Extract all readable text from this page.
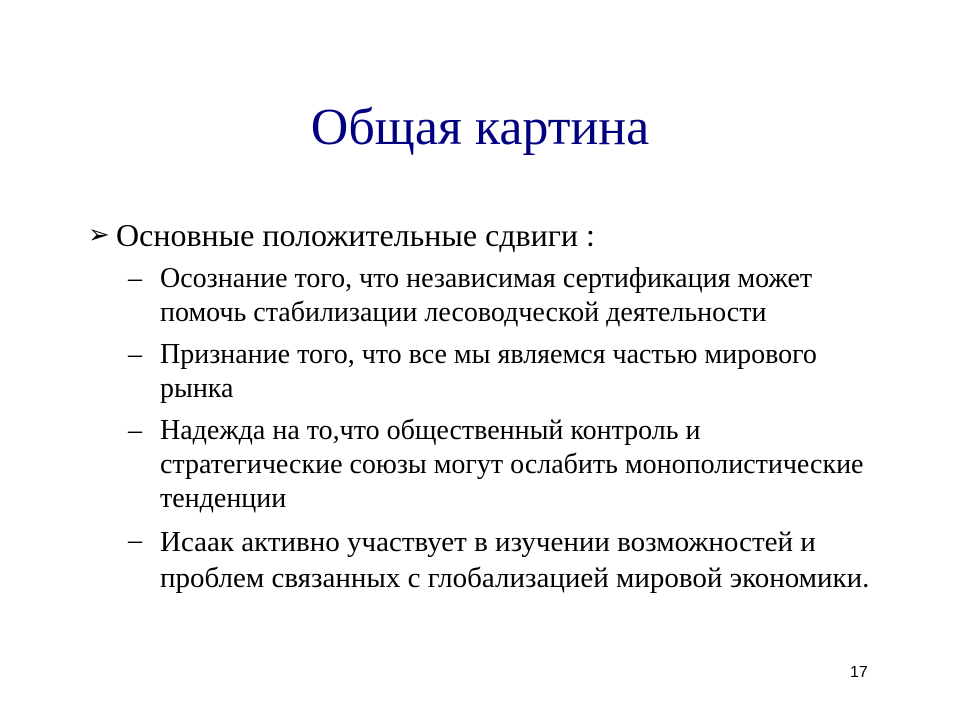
Общая картина
➢ Основные положительные сдвиги :
– Осознание того, что независимая сертификация может помочь стабилизации лесоводческой деятельности
– Признание того, что все мы являемся частью мирового рынка
– Надежда на то,что общественный контроль и стратегические союзы могут ослабить монополистические тенденции
– Исаак активно участвует в изучении возможностей и проблем связанных с глобализацией мировой экономики.
17
